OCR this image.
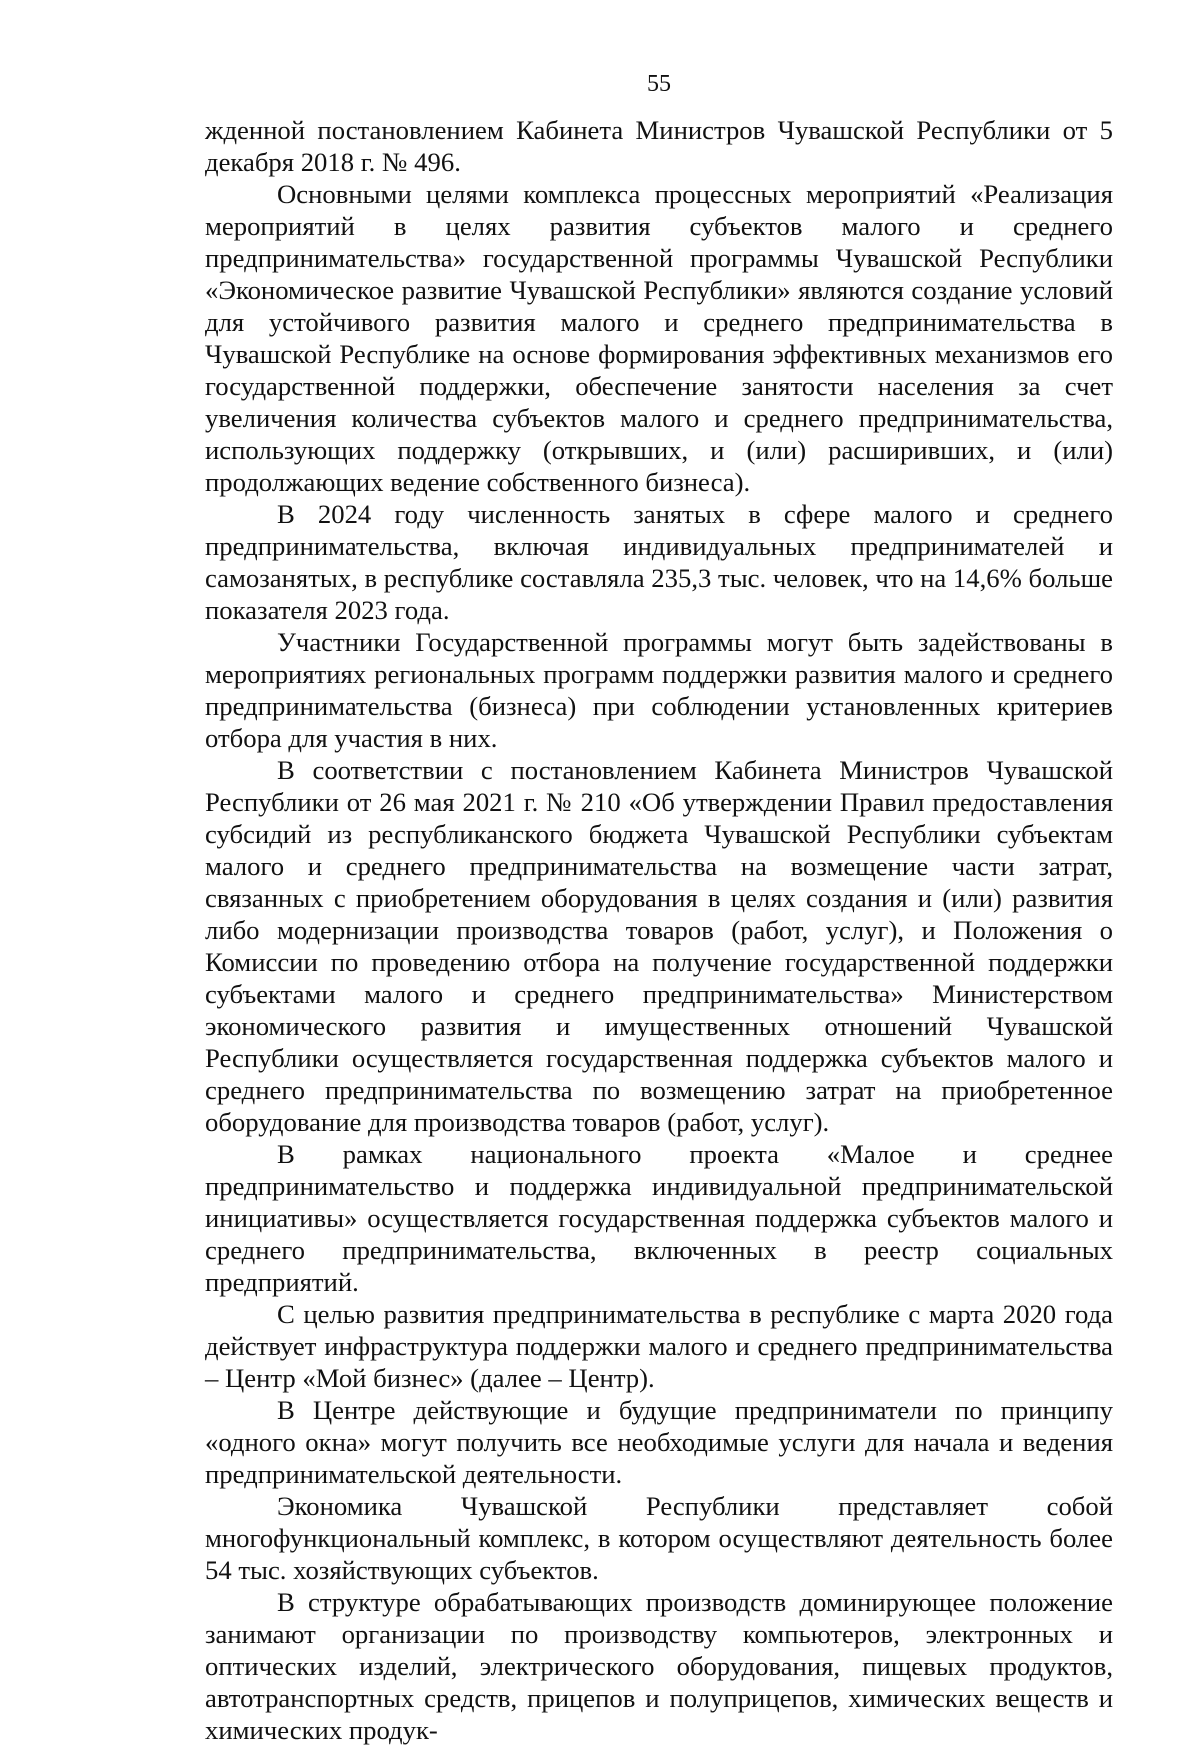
55

жденной постановлением Кабинета Министров Чувашской Республики от 5 декабря 2018 г. № 496.

Основными целями комплекса процессных мероприятий «Реализация мероприятий в целях развития субъектов малого и среднего предпринимательства» государственной программы Чувашской Республики «Экономическое развитие Чувашской Республики» являются создание условий для устойчивого развития малого и среднего предпринимательства в Чувашской Республике на основе формирования эффективных механизмов его государственной поддержки, обеспечение занятости населения за счет увеличения количества субъектов малого и среднего предпринимательства, использующих поддержку (открывших, и (или) расширивших, и (или) продолжающих ведение собственного бизнеса).

В 2024 году численность занятых в сфере малого и среднего предпринимательства, включая индивидуальных предпринимателей и самозанятых, в республике составляла 235,3 тыс. человек, что на 14,6% больше показателя 2023 года.

Участники Государственной программы могут быть задействованы в мероприятиях региональных программ поддержки развития малого и среднего предпринимательства (бизнеса) при соблюдении установленных критериев отбора для участия в них.

В соответствии с постановлением Кабинета Министров Чувашской Республики от 26 мая 2021 г. № 210 «Об утверждении Правил предоставления субсидий из республиканского бюджета Чувашской Республики субъектам малого и среднего предпринимательства на возмещение части затрат, связанных с приобретением оборудования в целях создания и (или) развития либо модернизации производства товаров (работ, услуг), и Положения о Комиссии по проведению отбора на получение государственной поддержки субъектами малого и среднего предпринимательства» Министерством экономического развития и имущественных отношений Чувашской Республики осуществляется государственная поддержка субъектов малого и среднего предпринимательства по возмещению затрат на приобретенное оборудование для производства товаров (работ, услуг).

В рамках национального проекта «Малое и среднее предпринимательство и поддержка индивидуальной предпринимательской инициативы» осуществляется государственная поддержка субъектов малого и среднего предпринимательства, включенных в реестр социальных предприятий.

С целью развития предпринимательства в республике с марта 2020 года действует инфраструктура поддержки малого и среднего предпринимательства – Центр «Мой бизнес» (далее – Центр).

В Центре действующие и будущие предприниматели по принципу «одного окна» могут получить все необходимые услуги для начала и ведения предпринимательской деятельности.

Экономика Чувашской Республики представляет собой многофункциональный комплекс, в котором осуществляют деятельность более 54 тыс. хозяйствующих субъектов.

В структуре обрабатывающих производств доминирующее положение занимают организации по производству компьютеров, электронных и оптических изделий, электрического оборудования, пищевых продуктов, автотранспортных средств, прицепов и полуприцепов, химических веществ и химических продук-
